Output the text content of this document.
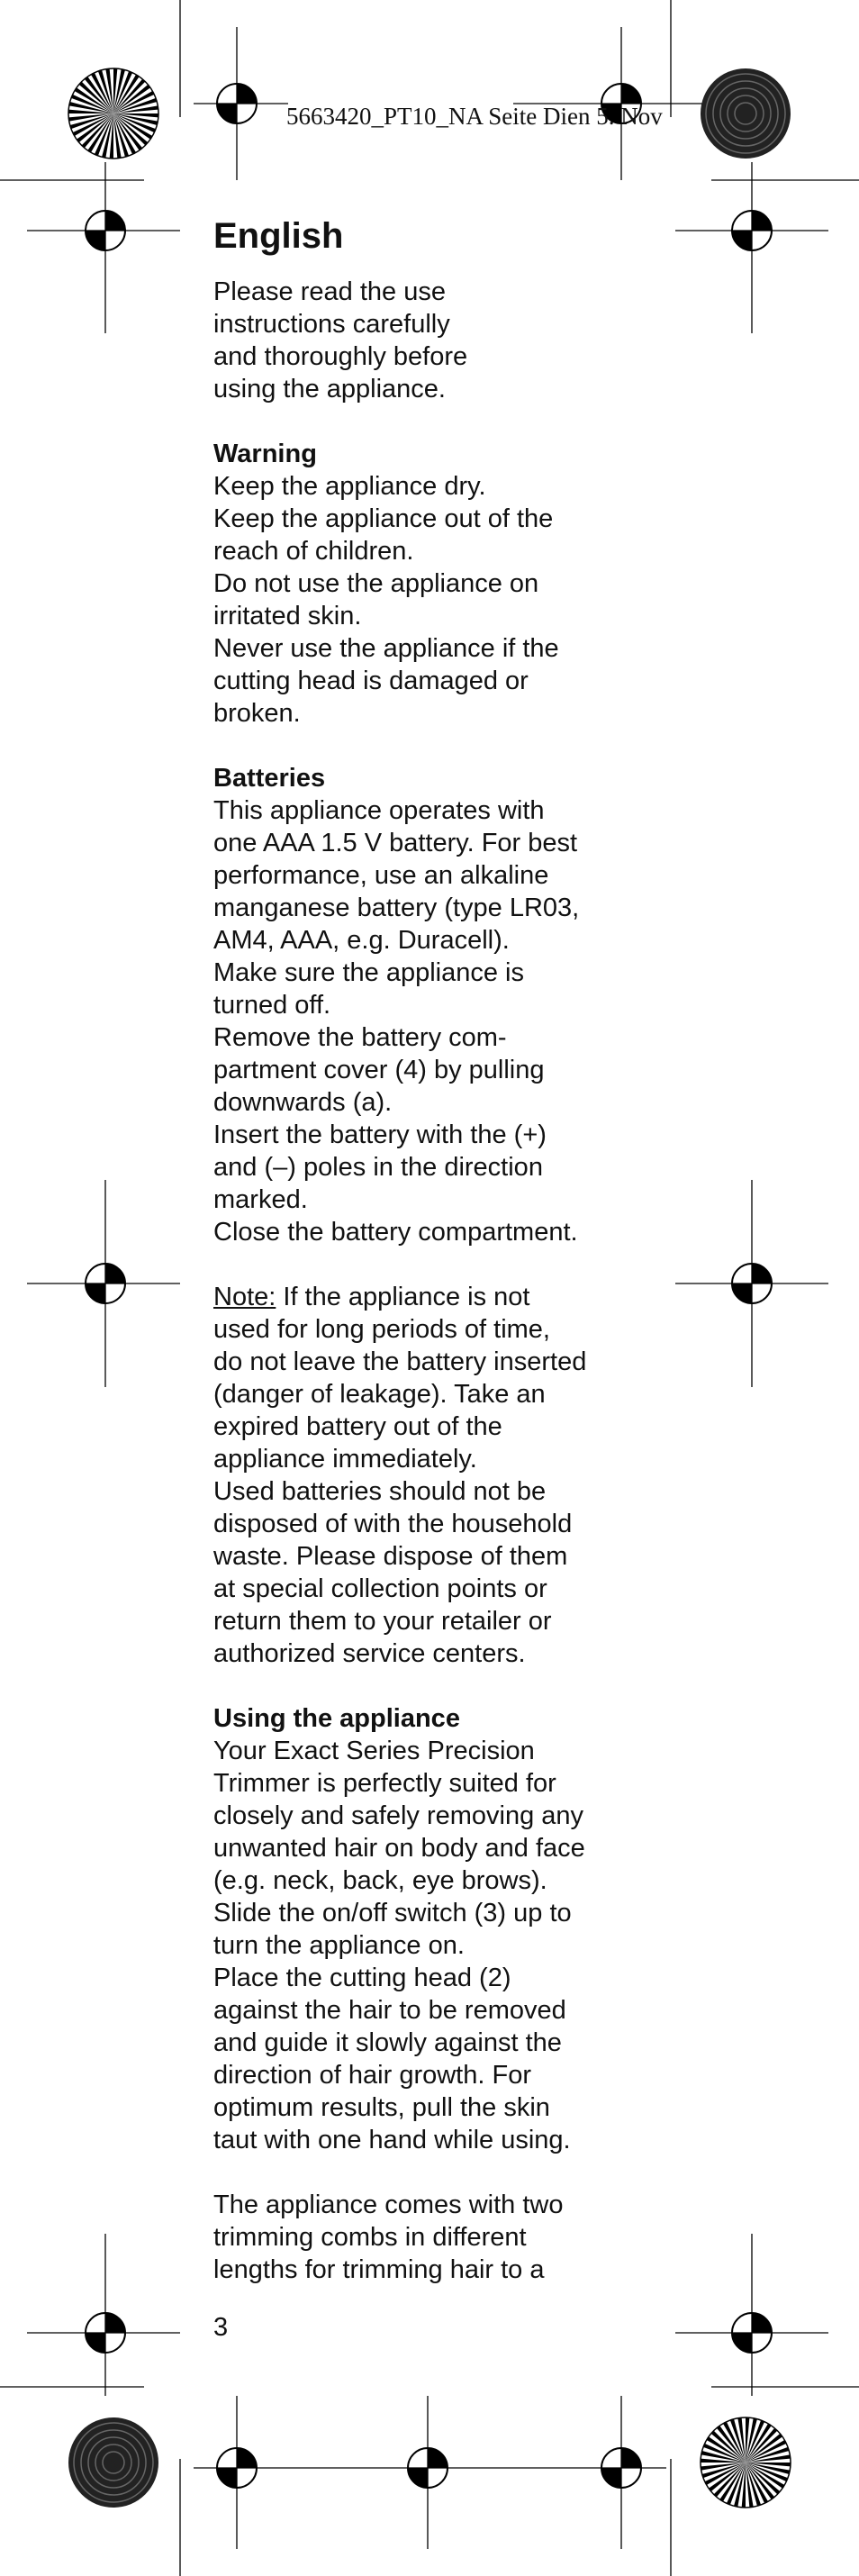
5663420_PT10_NA Seite Dien 5. Nov
English

Please read the use

instructions carefully

and thoroughly before

using the appliance.

Warning

Keep the appliance dry.

Keep the appliance out of the

reach of children.

Do not use the appliance on

irritated skin.

Never use the appliance if the

cutting head is damaged or

broken.

Batteries

This appliance operates with

one AAA 1.5 V battery. For best

performance, use an alkaline

manganese battery (type LR03,

AM4, AAA, e.g. Duracell).

Make sure the appliance is

turned off.

Remove the battery com-

partment cover (4) by pulling

downwards (a).

Insert the battery with the (+)

and (–) poles in the direction

marked.

Close the battery compartment.

Note: If the appliance is not

used for long periods of time,

do not leave the battery inserted

(danger of leakage). Take an

expired battery out of the

appliance immediately.

Used batteries should not be

disposed of with the household

waste. Please dispose of them

at special collection points or

return them to your retailer or

authorized service centers.

Using the appliance

Your Exact Series Precision

Trimmer is perfectly suited for

closely and safely removing any

unwanted hair on body and face

(e.g. neck, back, eye brows).

Slide the on/off switch (3) up to

turn the appliance on.

Place the cutting head (2)

against the hair to be removed

and guide it slowly against the

direction of hair growth. For

optimum results, pull the skin

taut with one hand while using.

The appliance comes with two

trimming combs in different

lengths for trimming hair to a

3
